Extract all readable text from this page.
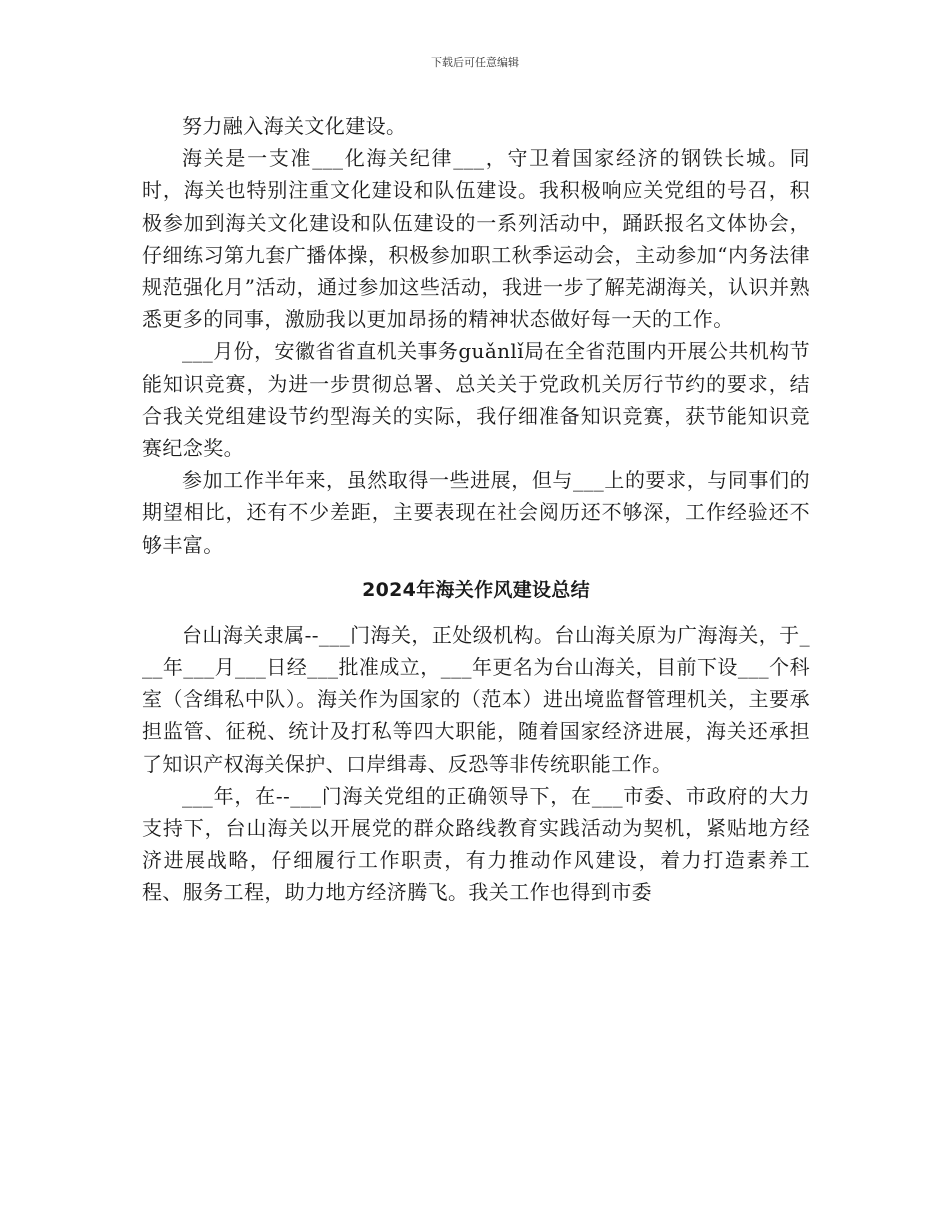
下载后可任意编辑

努力融入海关文化建设。

海关是一支准___化海关纪律___，守卫着国家经济的钢铁长城。同时，海关也特别注重文化建设和队伍建设。我积极响应关党组的号召，积极参加到海关文化建设和队伍建设的一系列活动中，踊跃报名文体协会，仔细练习第九套广播体操，积极参加职工秋季运动会，主动参加“内务法律规范强化月”活动，通过参加这些活动，我进一步了解芜湖海关，认识并熟悉更多的同事，激励我以更加昂扬的精神状态做好每一天的工作。

___月份，安徽省省直机关事务guǎnlǐ局在全省范围内开展公共机构节能知识竞赛，为进一步贯彻总署、总关关于党政机关厉行节约的要求，结合我关党组建设节约型海关的实际，我仔细准备知识竞赛，获节能知识竞赛纪念奖。

参加工作半年来，虽然取得一些进展，但与___上的要求，与同事们的期望相比，还有不少差距，主要表现在社会阅历还不够深，工作经验还不够丰富。

2024年海关作风建设总结

台山海关隶属--___门海关，正处级机构。台山海关原为广海海关，于___年___月___日经___批准成立，___年更名为台山海关，目前下设___个科室（含缉私中队）。海关作为国家的（范本）进出境监督管理机关，主要承担监管、征税、统计及打私等四大职能，随着国家经济进展，海关还承担了知识产权海关保护、口岸缉毒、反恐等非传统职能工作。

___年，在--___门海关党组的正确领导下，在___市委、市政府的大力支持下，台山海关以开展党的群众路线教育实践活动为契机，紧贴地方经济进展战略，仔细履行工作职责，有力推动作风建设，着力打造素养工程、服务工程，助力地方经济腾飞。我关工作也得到市委
